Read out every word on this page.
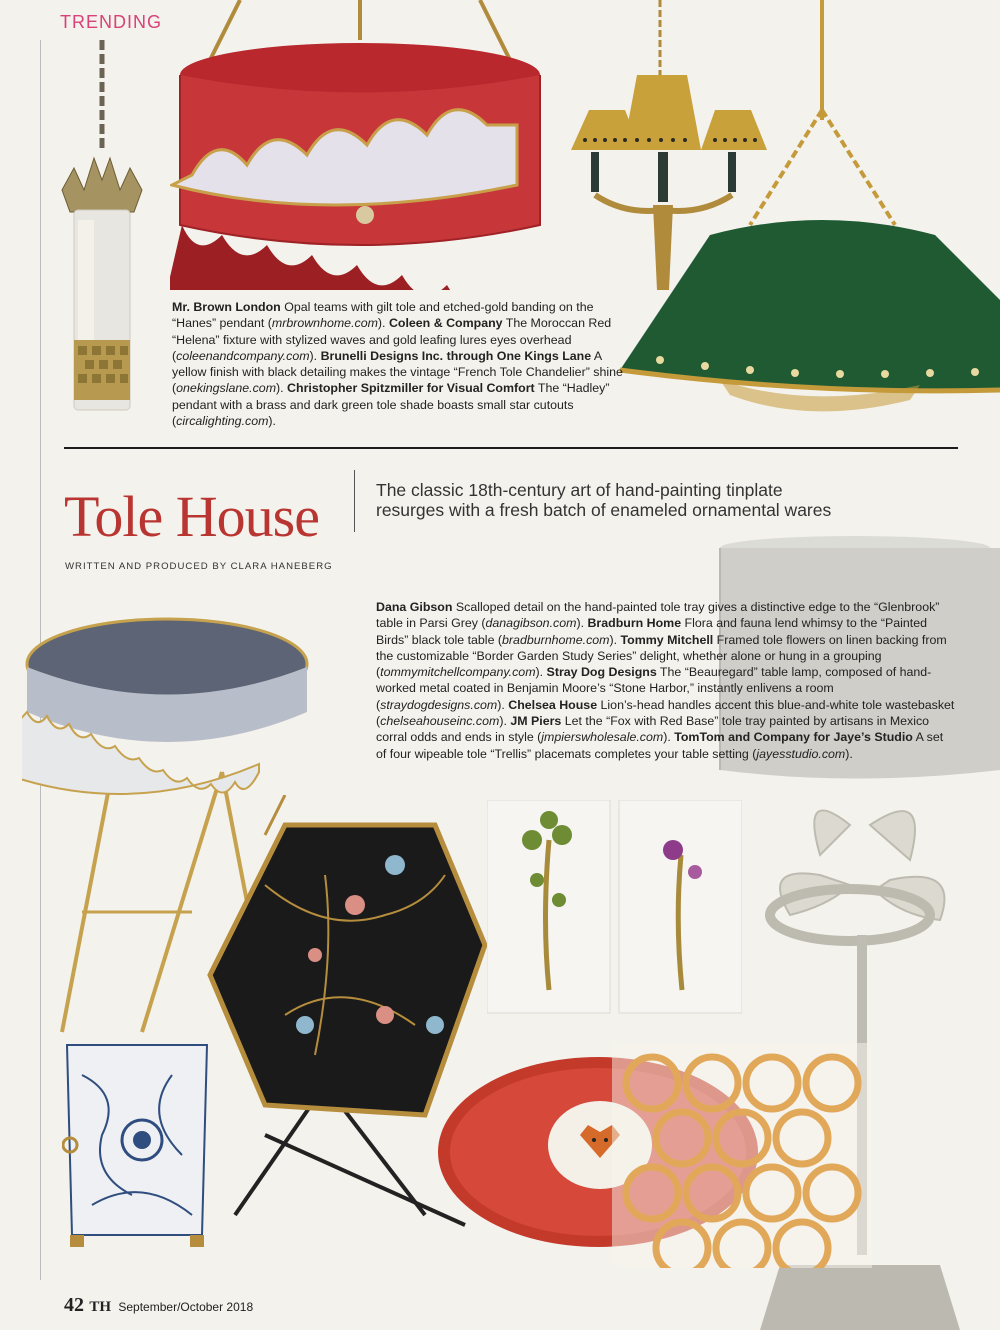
TRENDING
Mr. Brown London Opal teams with gilt tole and etched-gold banding on the “Hanes” pendant (mrbrownhome.com). Coleen & Company The Moroccan Red “Helena” fixture with stylized waves and gold leafing lures eyes overhead (coleenandcompany.com). Brunelli Designs Inc. through One Kings Lane A yellow finish with black detailing makes the vintage “French Tole Chandelier” shine (onekingslane.com). Christopher Spitzmiller for Visual Comfort The “Hadley” pendant with a brass and dark green tole shade boasts small star cutouts (circalighting.com).
Tole House	The classic 18th-century art of hand-painting tinplate resurges with a fresh batch of enameled ornamental wares
WRITTEN AND PRODUCED BY CLARA HANEBERG
Dana Gibson Scalloped detail on the hand-painted tole tray gives a distinctive edge to the “Glenbrook” table in Parsi Grey (danagibson.com). Bradburn Home Flora and fauna lend whimsy to the “Painted Birds” black tole table (bradburnhome.com). Tommy Mitchell Framed tole flowers on linen backing from the customizable “Border Garden Study Series” delight, whether alone or hung in a grouping (tommymitchellcompany.com). Stray Dog Designs The “Beauregard” table lamp, composed of hand-worked metal coated in Benjamin Moore’s “Stone Harbor,” instantly enlivens a room (straydogdesigns.com). Chelsea House Lion’s-head handles accent this blue-and-white tole wastebasket (chelseahouseinc.com). JM Piers Let the “Fox with Red Base” tole tray painted by artisans in Mexico corral odds and ends in style (jmpierswholesale.com). TomTom and Company for Jaye’s Studio A set of four wipeable tole “Trellis” placemats completes your table setting (jayesstudio.com).
42 TH September/October 2018
